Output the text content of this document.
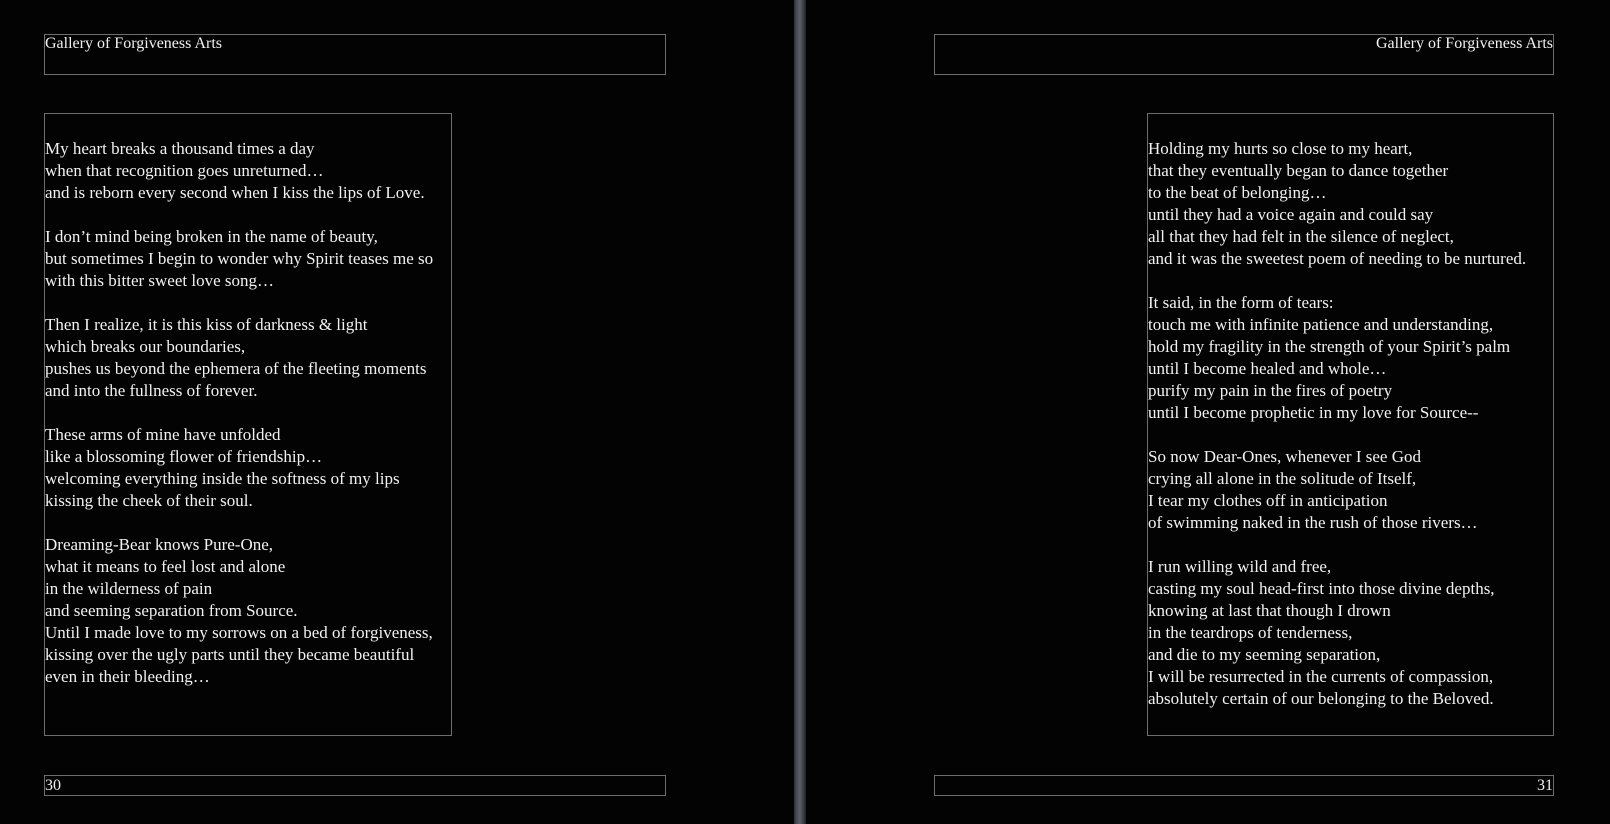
Gallery of Forgiveness Arts
My heart breaks a thousand times a day
when that recognition goes unreturned…
and is reborn every second when I kiss the lips of Love.
I don’t mind being broken in the name of beauty,
but sometimes I begin to wonder why Spirit teases me so
with this bitter sweet love song…
Then I realize, it is this kiss of darkness & light
which breaks our boundaries,
pushes us beyond the ephemera of the fleeting moments
and into the fullness of forever.
These arms of mine have unfolded
like a blossoming flower of friendship…
welcoming everything inside the softness of my lips
kissing the cheek of their soul.
Dreaming-Bear knows Pure-One,
what it means to feel lost and alone
in the wilderness of pain
and seeming separation from Source.
Until I made love to my sorrows on a bed of forgiveness,
kissing over the ugly parts until they became beautiful
even in their bleeding…
30
Gallery of Forgiveness Arts
Holding my hurts so close to my heart,
that they eventually began to dance together
to the beat of belonging…
until they had a voice again and could say
all that they had felt in the silence of neglect,
and it was the sweetest poem of needing to be nurtured.
It said, in the form of tears:
touch me with infinite patience and understanding,
hold my fragility in the strength of your Spirit’s palm
until I become healed and whole…
purify my pain in the fires of poetry
until I become prophetic in my love for Source--
So now Dear-Ones, whenever I see God
crying all alone in the solitude of Itself,
I tear my clothes off in anticipation
of swimming naked in the rush of those rivers…
I run willing wild and free,
casting my soul head-first into those divine depths,
knowing at last that though I drown
in the teardrops of tenderness,
and die to my seeming separation,
I will be resurrected in the currents of compassion,
absolutely certain of our belonging to the Beloved.
31
